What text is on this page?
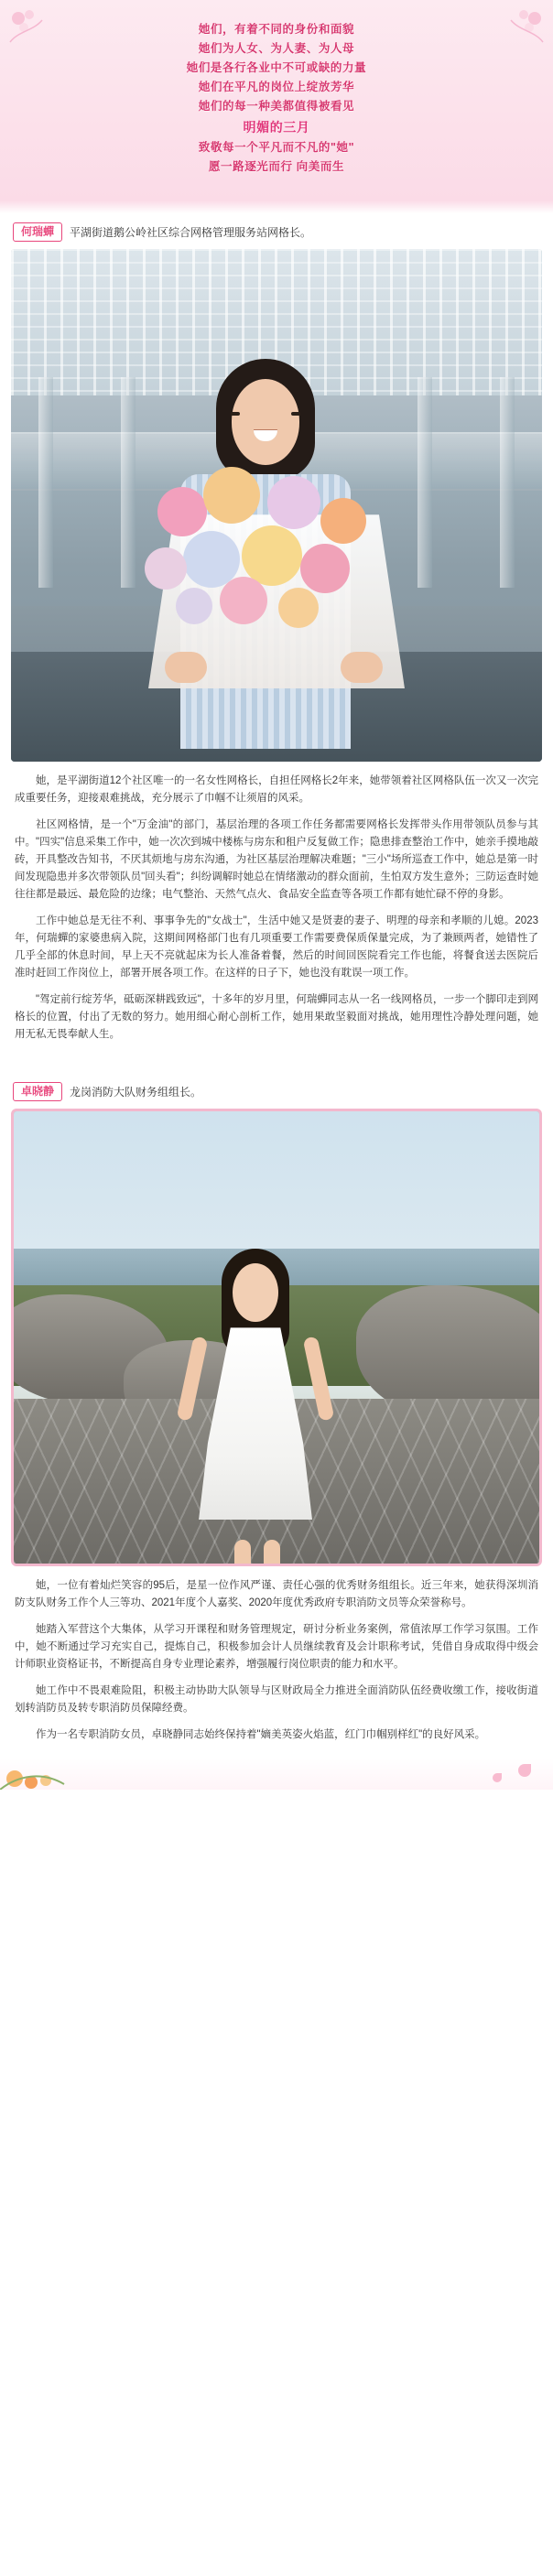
她们，有着不同的身份和面貌
她们为人女、为人妻、为人母
她们是各行各业中不可或缺的力量
她们在平凡的岗位上绽放芳华
她们的每一种美都值得被看见
明媚的三月
致敬每一个平凡而不凡的"她"
愿一路逐光而行 向美而生
何瑞蟬	平湖街道鹅公岭社区综合网格管理服务站网格长。

她，是平湖街道12个社区唯一的一名女性网格长，自担任网格长2年来，她带领着社区网格队伍一次又一次完成重要任务，迎接艰难挑战，充分展示了巾帼不让须眉的风采。

社区网格情，是一个"万金油"的部门，基层治理的各项工作任务都需要网格长发挥带头作用带领队员参与其中。"四实"信息采集工作中，她一次次到城中楼栋与房东和租户反复做工作；隐患排查整治工作中，她亲手摸地敲砖，开具整改告知书，不厌其烦地与房东沟通，为社区基层治理解决难题；"三小"场所巡查工作中，她总是第一时间发现隐患并多次带领队员"回头看"；纠纷调解时她总在情绪激动的群众面前，生怕双方发生意外；三防运查时她往往都是最远、最危险的边缘；电气整治、天然气点火、食品安全监查等各项工作都有她忙碌不停的身影。

工作中她总是无往不利、事事争先的"女战士"，生活中她又是贤妻的妻子、明理的母亲和孝顺的儿媳。2023年，何瑞蟬的家婆患病入院，这期间网格部门也有几项重要工作需要费保质保量完成，为了兼顾两者，她错性了几乎全部的休息时间，早上天不亮就起床为长人准备着餐，然后的时间回医院看完工作也能，将餐食送去医院后准时赶回工作岗位上，部署开展各项工作。在这样的日子下，她也没有耽误一项工作。

"驾定前行绽芳华，砥砺深耕践致远"，十多年的岁月里，何瑞蟬同志从一名一线网格员，一步一个脚印走到网格长的位置，付出了无数的努力。她用细心耐心剖析工作，她用果敢坚毅面对挑战，她用理性冷静处理问题，她用无私无畏奉献人生。

卓晓静	龙岗消防大队财务组组长。

她，一位有着灿烂笑容的95后，是星一位作风严谨、责任心强的优秀财务组组长。近三年来，她获得深圳消防支队财务工作个人三等功、2021年度个人嘉奖、2020年度优秀政府专职消防文员等众荣誉称号。

她踏入军营这个大集体，从学习开课程和财务管理规定，研讨分析业务案例，常值浓厚工作学习氛围。工作中，她不断通过学习充实自己，提炼自己，积极参加会计人员继续教育及会计职称考试，凭借自身成取得中级会计师职业资格证书，不断提高自身专业理论素养，增强履行岗位职责的能力和水平。

她工作中不畏艰难险阻，积极主动协助大队领导与区财政局全力推进全面消防队伍经费收缴工作，接收街道划转消防员及转专职消防员保障经费。

作为一名专职消防女员，卓晓静同志始终保持着"嫡美英姿火焰蓝，红门巾帼别样红"的良好风采。
